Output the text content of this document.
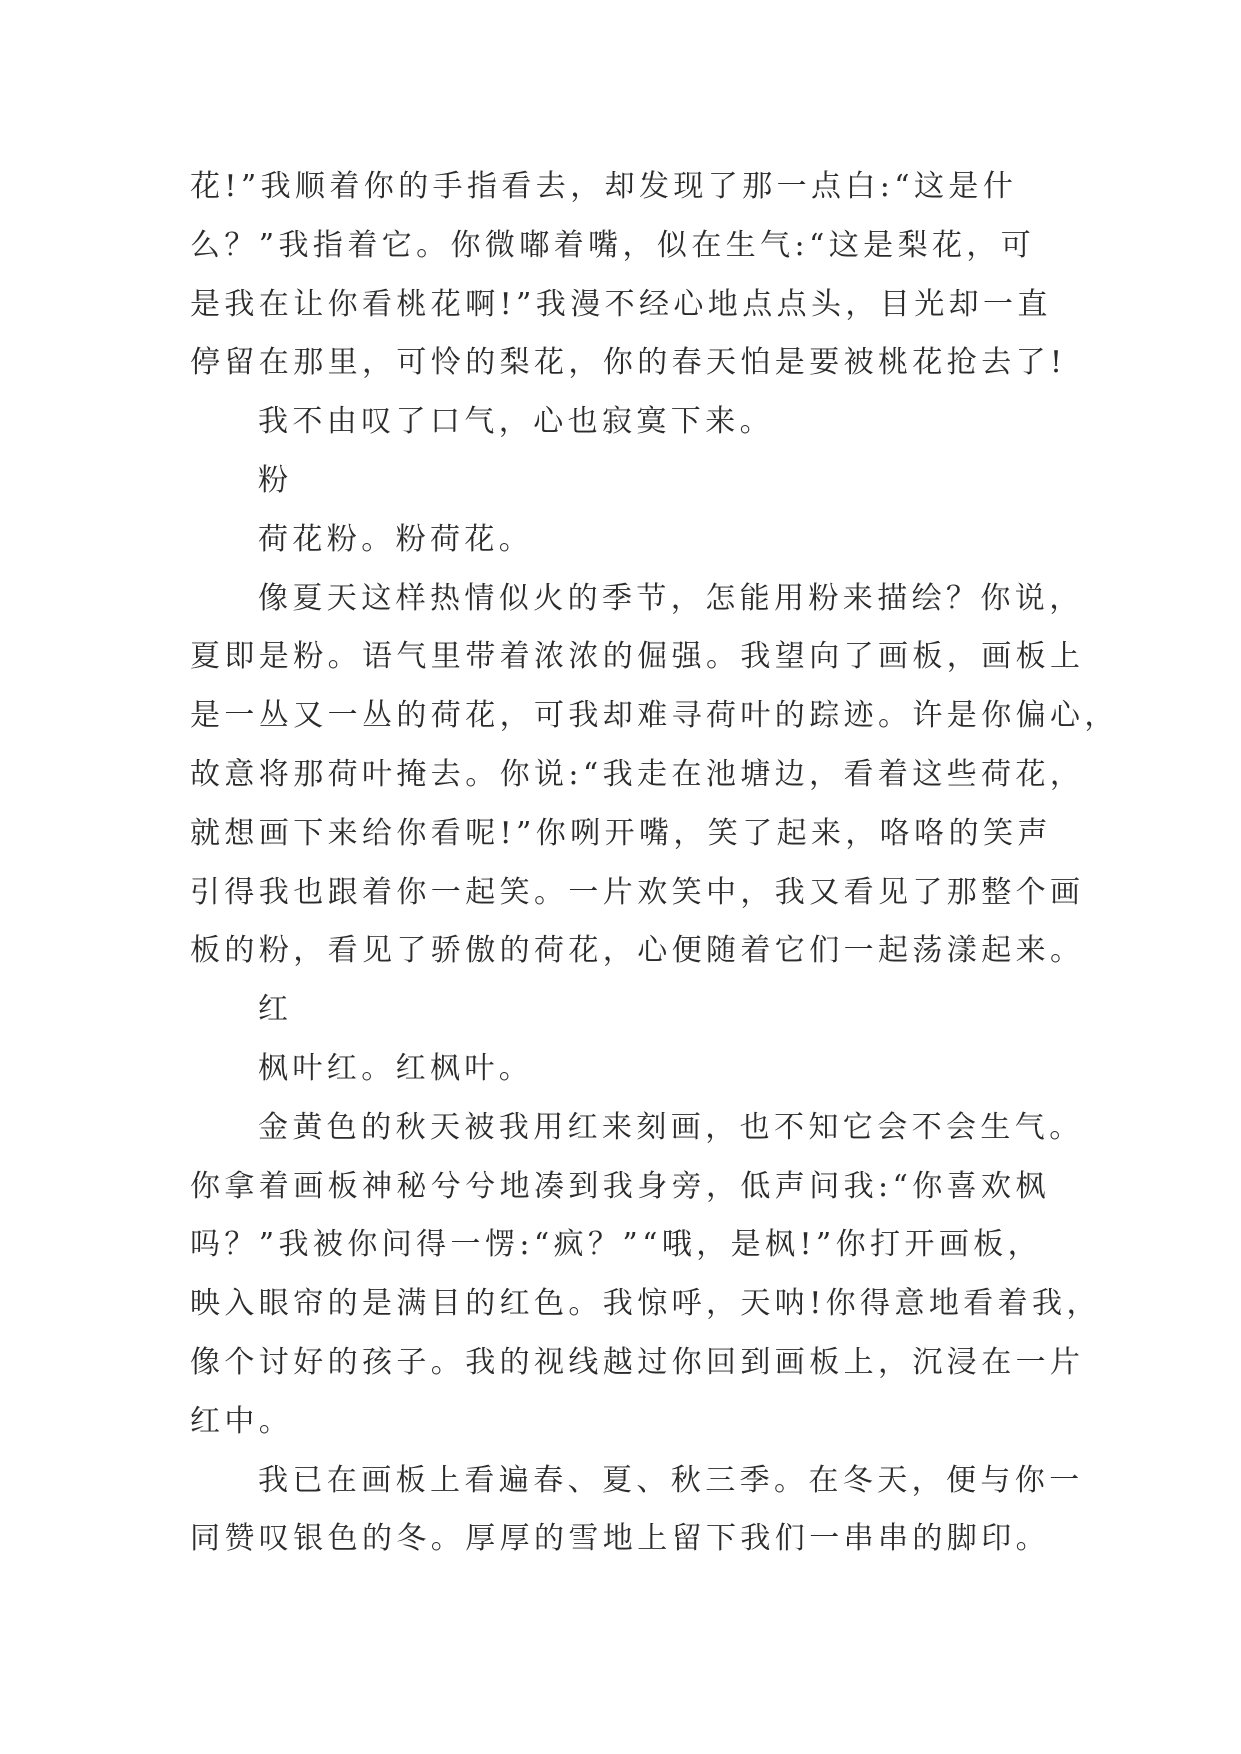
花!”我顺着你的手指看去，却发现了那一点白:“这是什
么？”我指着它。你微嘟着嘴，似在生气:“这是梨花，可
是我在让你看桃花啊!”我漫不经心地点点头，目光却一直
停留在那里，可怜的梨花，你的春天怕是要被桃花抢去了!
我不由叹了口气，心也寂寞下来。
粉
荷花粉。粉荷花。
像夏天这样热情似火的季节，怎能用粉来描绘？你说，
夏即是粉。语气里带着浓浓的倔强。我望向了画板，画板上
是一丛又一丛的荷花，可我却难寻荷叶的踪迹。许是你偏心，
故意将那荷叶掩去。你说:“我走在池塘边，看着这些荷花，
就想画下来给你看呢!”你咧开嘴，笑了起来，咯咯的笑声
引得我也跟着你一起笑。一片欢笑中，我又看见了那整个画
板的粉，看见了骄傲的荷花，心便随着它们一起荡漾起来。
红
枫叶红。红枫叶。
金黄色的秋天被我用红来刻画，也不知它会不会生气。
你拿着画板神秘兮兮地凑到我身旁，低声问我:“你喜欢枫
吗？”我被你问得一愣:“疯？”“哦，是枫!”你打开画板，
映入眼帘的是满目的红色。我惊呼，天呐!你得意地看着我，
像个讨好的孩子。我的视线越过你回到画板上，沉浸在一片
红中。
我已在画板上看遍春、夏、秋三季。在冬天，便与你一
同赞叹银色的冬。厚厚的雪地上留下我们一串串的脚印。
